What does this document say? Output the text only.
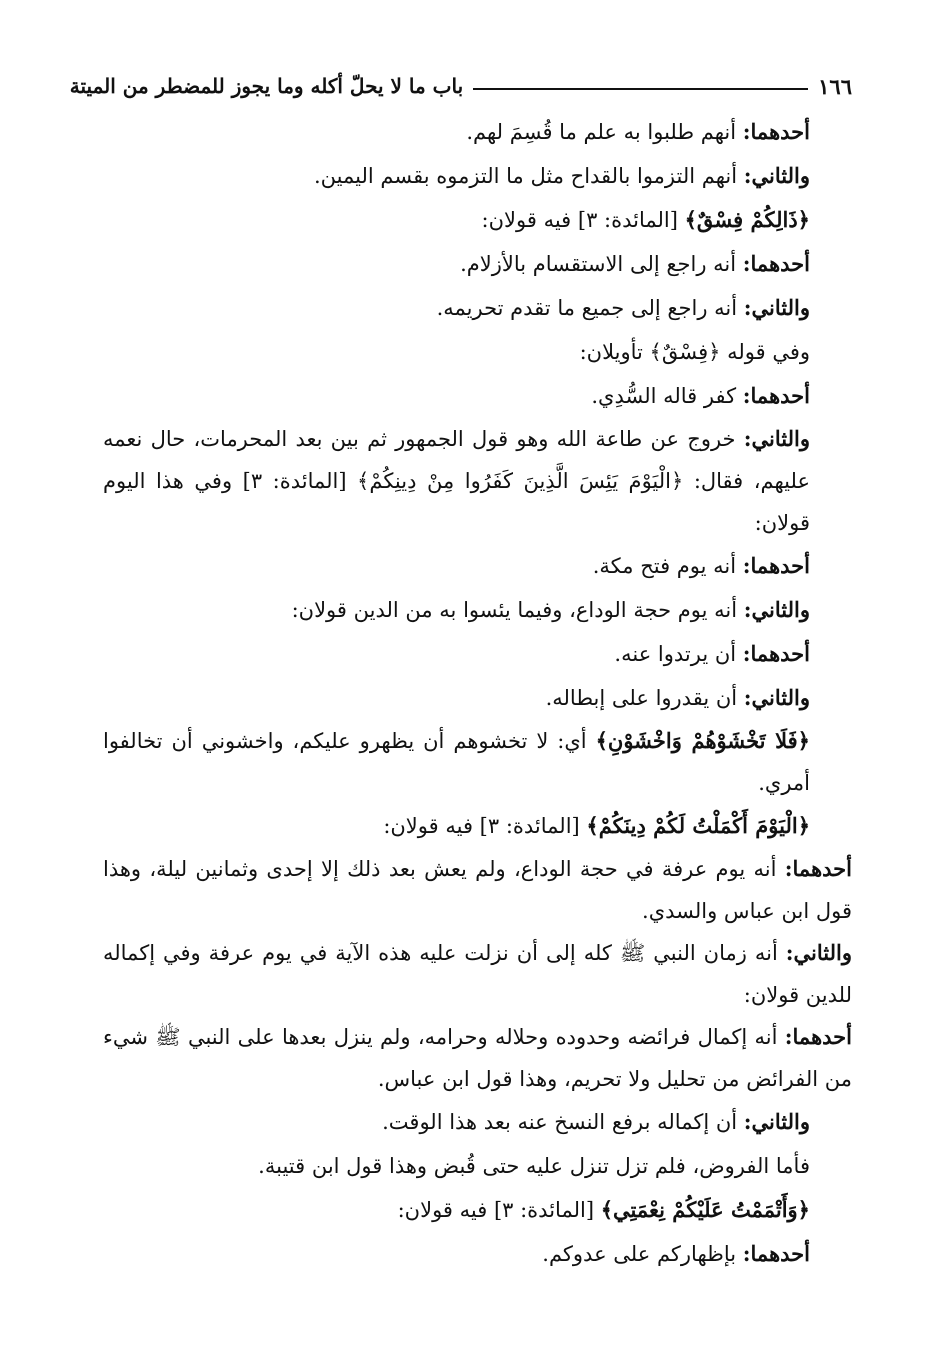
١٦٦
باب ما لا يحلّ أكله وما يجوز للمضطر من الميتة

أحدهما: أنهم طلبوا به علم ما قُسِمَ لهم.

والثاني: أنهم التزموا بالقداح مثل ما التزموه بقسم اليمين.

﴿ذَالِكُمْ فِسْقٌ﴾ [المائدة: ٣] فيه قولان:

أحدهما: أنه راجع إلى الاستقسام بالأزلام.

والثاني: أنه راجع إلى جميع ما تقدم تحريمه.

وفي قوله ﴿فِسْقٌ﴾ تأويلان:

أحدهما: كفر قاله السُّدِي.

والثاني: خروج عن طاعة الله وهو قول الجمهور ثم بين بعد المحرمات، حال نعمه عليهم، فقال: ﴿الْيَوْمَ يَئِسَ الَّذِينَ كَفَرُوا مِنْ دِينِكُمْ﴾ [المائدة: ٣] وفي هذا اليوم قولان:

أحدهما: أنه يوم فتح مكة.

والثاني: أنه يوم حجة الوداع، وفيما يئسوا به من الدين قولان:

أحدهما: أن يرتدوا عنه.

والثاني: أن يقدروا على إبطاله.

﴿فَلَا تَخْشَوْهُمْ وَاخْشَوْنِ﴾ أي: لا تخشوهم أن يظهرو عليكم، واخشوني أن تخالفوا أمري.

﴿الْيَوْمَ أَكْمَلْتُ لَكُمْ دِينَكُمْ﴾ [المائدة: ٣] فيه قولان:

أحدهما: أنه يوم عرفة في حجة الوداع، ولم يعش بعد ذلك إلا إحدى وثمانين ليلة، وهذا قول ابن عباس والسدي.

والثاني: أنه زمان النبي ﷺ كله إلى أن نزلت عليه هذه الآية في يوم عرفة وفي إكماله للدين قولان:

أحدهما: أنه إكمال فرائضه وحدوده وحلاله وحرامه، ولم ينزل بعدها على النبي ﷺ شيء من الفرائض من تحليل ولا تحريم، وهذا قول ابن عباس.

والثاني: أن إكماله برفع النسخ عنه بعد هذا الوقت.

فأما الفروض، فلم تزل تنزل عليه حتى قُبض وهذا قول ابن قتيبة.

﴿وَأَتْمَمْتُ عَلَيْكُمْ نِعْمَتِي﴾ [المائدة: ٣] فيه قولان:

أحدهما: بإظهاركم على عدوكم.
